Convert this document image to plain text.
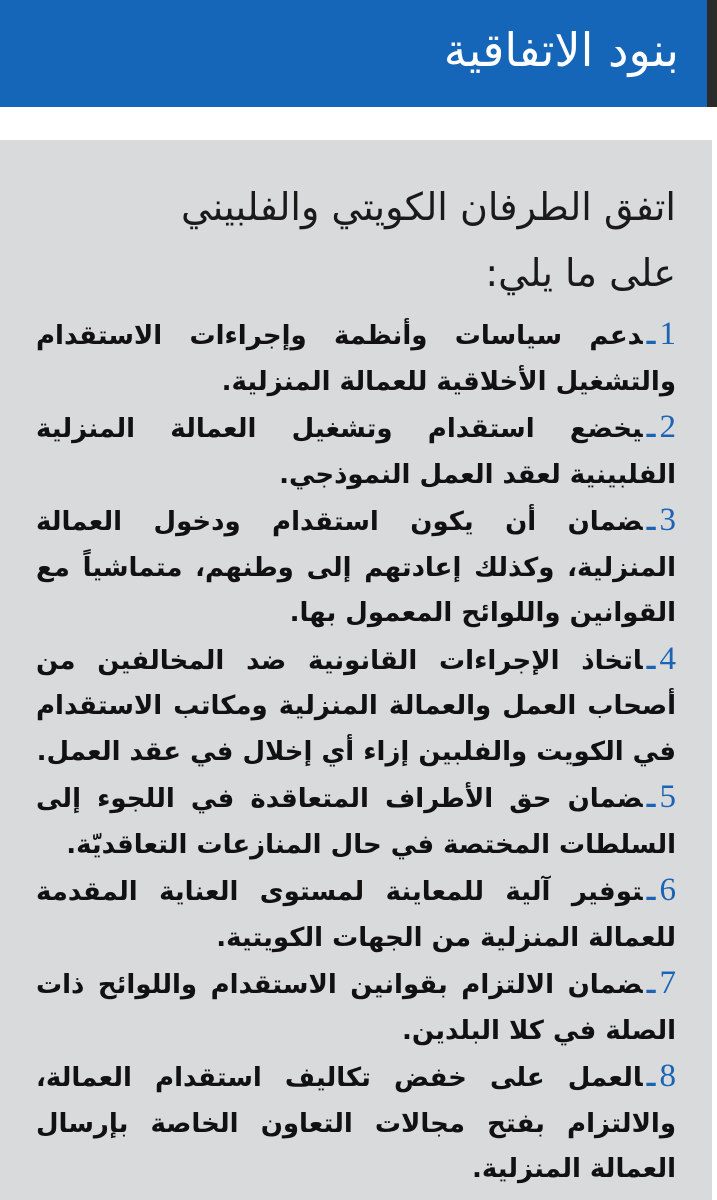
بنود الاتفاقية
اتفق الطرفان الكويتي والفلبيني
على ما يلي:
1ـدعم سياسات وأنظمة وإجراءات الاستقدام والتشغيل الأخلاقية للعمالة المنزلية.
2ـيخضع استقدام وتشغيل العمالة المنزلية الفلبينية لعقد العمل النموذجي.
3ـضمان أن يكون استقدام ودخول العمالة المنزلية، وكذلك إعادتهم إلى وطنهم، متماشياً مع القوانين واللوائح المعمول بها.
4ـاتخاذ الإجراءات القانونية ضد المخالفين من أصحاب العمل والعمالة المنزلية ومكاتب الاستقدام في الكويت والفلبين إزاء أي إخلال في عقد العمل.
5ـضمان حق الأطراف المتعاقدة في اللجوء إلى السلطات المختصة في حال المنازعات التعاقديّة.
6ـتوفير آلية للمعاينة لمستوى العناية المقدمة للعمالة المنزلية من الجهات الكويتية.
7ـضمان الالتزام بقوانين الاستقدام واللوائح ذات الصلة في كلا البلدين.
8ـالعمل على خفض تكاليف استقدام العمالة، والالتزام بفتح مجالات التعاون الخاصة بإرسال العمالة المنزلية.
